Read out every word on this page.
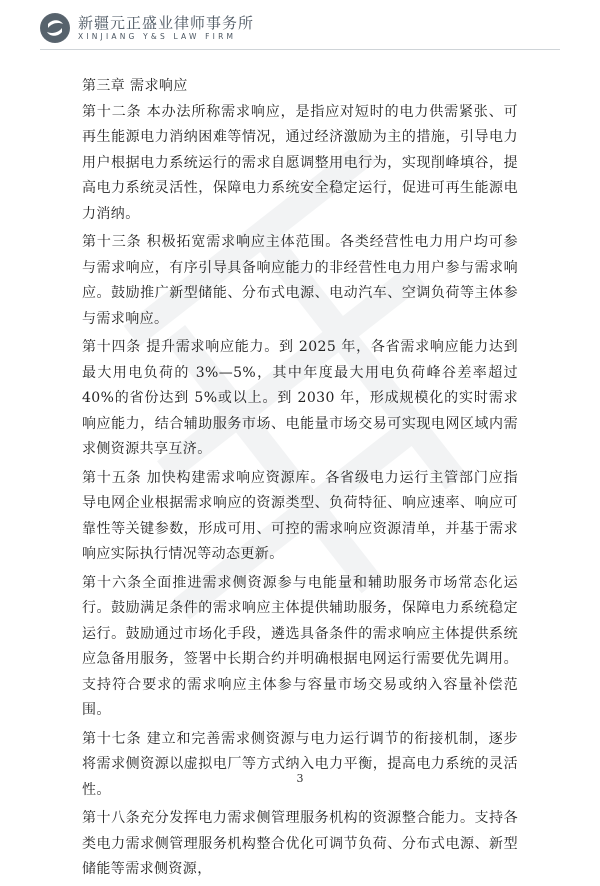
新疆元正盛业律师事务所
XINJIANG Y&S LAW FIRM

第三章 需求响应

第十二条 本办法所称需求响应，是指应对短时的电力供需紧张、可再生能源电力消纳困难等情况，通过经济激励为主的措施，引导电力用户根据电力系统运行的需求自愿调整用电行为，实现削峰填谷，提高电力系统灵活性，保障电力系统安全稳定运行，促进可再生能源电力消纳。

第十三条 积极拓宽需求响应主体范围。各类经营性电力用户均可参与需求响应，有序引导具备响应能力的非经营性电力用户参与需求响应。鼓励推广新型储能、分布式电源、电动汽车、空调负荷等主体参与需求响应。

第十四条 提升需求响应能力。到 2025 年，各省需求响应能力达到最大用电负荷的 3%—5%，其中年度最大用电负荷峰谷差率超过 40%的省份达到 5%或以上。到 2030 年，形成规模化的实时需求响应能力，结合辅助服务市场、电能量市场交易可实现电网区域内需求侧资源共享互济。

第十五条 加快构建需求响应资源库。各省级电力运行主管部门应指导电网企业根据需求响应的资源类型、负荷特征、响应速率、响应可靠性等关键参数，形成可用、可控的需求响应资源清单，并基于需求响应实际执行情况等动态更新。

第十六条全面推进需求侧资源参与电能量和辅助服务市场常态化运行。鼓励满足条件的需求响应主体提供辅助服务，保障电力系统稳定运行。鼓励通过市场化手段，遴选具备条件的需求响应主体提供系统应急备用服务，签署中长期合约并明确根据电网运行需要优先调用。支持符合要求的需求响应主体参与容量市场交易或纳入容量补偿范围。

第十七条 建立和完善需求侧资源与电力运行调节的衔接机制，逐步将需求侧资源以虚拟电厂等方式纳入电力平衡，提高电力系统的灵活性。

第十八条充分发挥电力需求侧管理服务机构的资源整合能力。支持各类电力需求侧管理服务机构整合优化可调节负荷、分布式电源、新型储能等需求侧资源，

3
